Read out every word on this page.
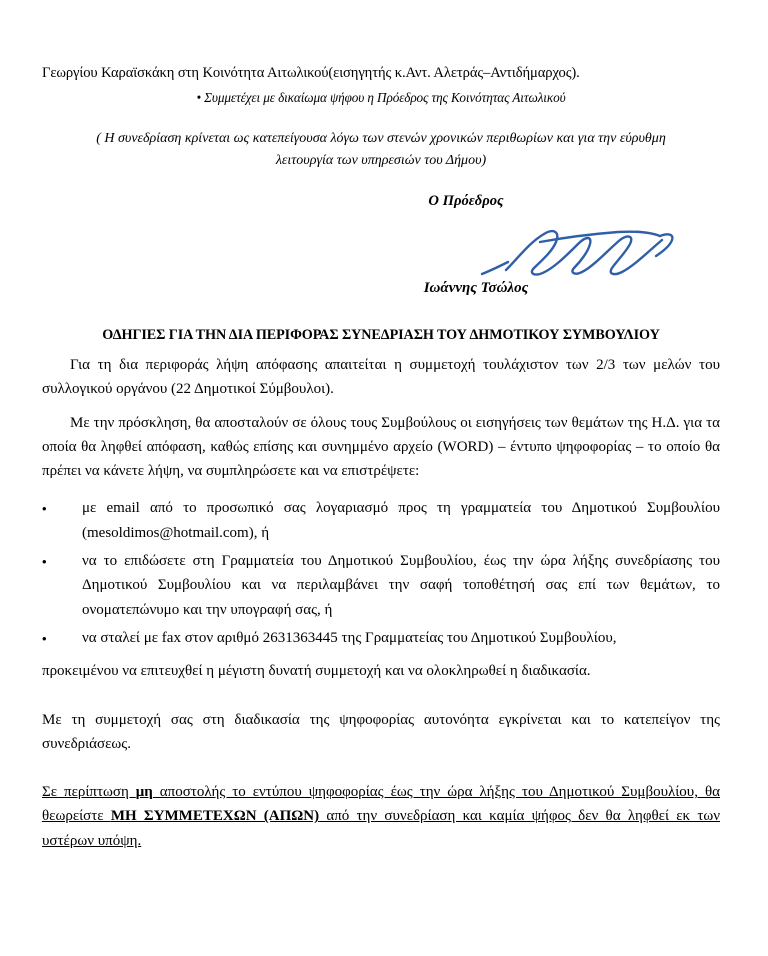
Γεωργίου Καραϊσκάκη στη Κοινότητα Αιτωλικού(εισηγητής κ.Αντ. Αλετράς–Αντιδήμαρχος).
• Συμμετέχει με δικαίωμα ψήφου η Πρόεδρος της Κοινότητας Αιτωλικού
( Η συνεδρίαση κρίνεται ως κατεπείγουσα λόγω των στενών χρονικών περιθωρίων και για την εύρυθμη λειτουργία των υπηρεσιών του Δήμου)
Ο Πρόεδρος
Ιωάννης Τσώλος
ΟΔΗΓΙΕΣ ΓΙΑ ΤΗΝ ΔΙΑ ΠΕΡΙΦΟΡΑΣ ΣΥΝΕΔΡΙΑΣΗ ΤΟΥ ΔΗΜΟΤΙΚΟΥ ΣΥΜΒΟΥΛΙΟΥ
Για τη δια περιφοράς λήψη απόφασης απαιτείται η συμμετοχή τουλάχιστον των 2/3 των μελών του συλλογικού οργάνου (22 Δημοτικοί Σύμβουλοι).
Με την πρόσκληση, θα αποσταλούν σε όλους τους Συμβούλους οι εισηγήσεις των θεμάτων της Η.Δ. για τα οποία θα ληφθεί απόφαση, καθώς επίσης και συνημμένο αρχείο (WORD) – έντυπο ψηφοφορίας – το οποίο θα πρέπει να κάνετε λήψη, να συμπληρώσετε και να επιστρέψετε:
•	με email από το προσωπικό σας λογαριασμό προς τη γραμματεία του Δημοτικού Συμβουλίου (mesoldimos@hotmail.com), ή
•	να το επιδώσετε στη Γραμματεία του Δημοτικού Συμβουλίου, έως την ώρα λήξης συνεδρίασης του Δημοτικού Συμβουλίου και να περιλαμβάνει την σαφή τοποθέτησή σας επί των θεμάτων, το ονοματεπώνυμο και την υπογραφή σας, ή
•	να σταλεί με fax στον αριθμό 2631363445 της Γραμματείας του Δημοτικού Συμβουλίου,
προκειμένου να επιτευχθεί η μέγιστη δυνατή συμμετοχή και να ολοκληρωθεί η διαδικασία.
Με τη συμμετοχή σας στη διαδικασία της ψηφοφορίας αυτονόητα εγκρίνεται και το κατεπείγον της συνεδριάσεως.
Σε περίπτωση μη αποστολής το εντύπου ψηφοφορίας έως την ώρα λήξης του Δημοτικού Συμβουλίου, θα θεωρείστε ΜΗ ΣΥΜΜΕΤΕΧΩΝ (ΑΠΩΝ) από την συνεδρίαση και καμία ψήφος δεν θα ληφθεί εκ των υστέρων υπόψη.
